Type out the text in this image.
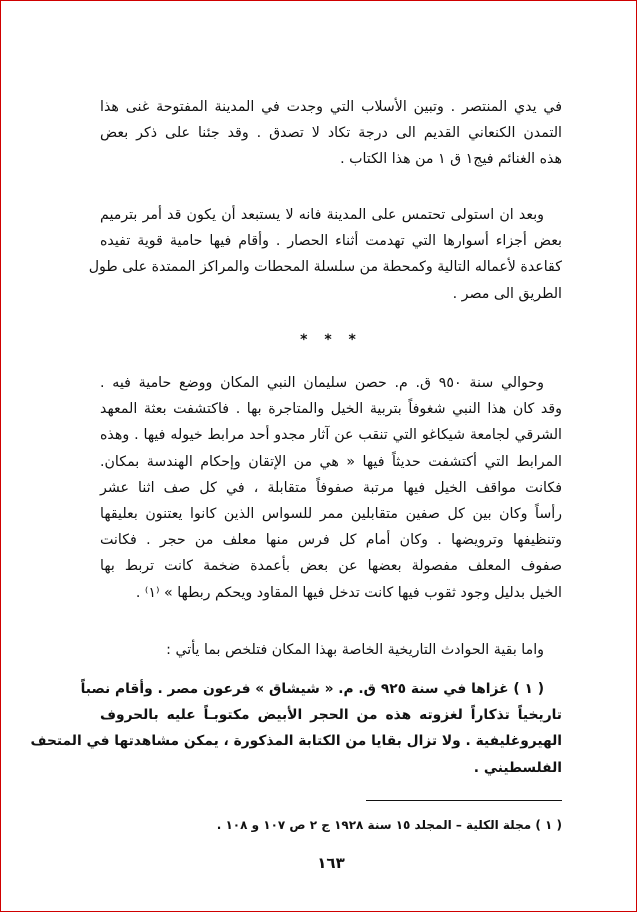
في يدي المنتصر . وتبين الأسلاب التي وجدت في المدينة المفتوحة غنى هذا
التمدن الكنعاني القديم الى درجة تكاد لا تصدق . وقد جئنا على ذكر بعض
هذه الغنائم فيج١ ق ١ من هذا الكتاب .
وبعد ان استولى تحتمس على المدينة فانه لا يستبعد أن يكون قد أمر بترميم
بعض أجزاء أسوارها التي تهدمت أثناء الحصار . وأقام فيها حامية قوية تفيده
كقاعدة لأعماله التالية وكمحطة من سلسلة المحطات والمراكز الممتدة على طول
الطريق الى مصر .
* * *
وحوالي سنة ٩٥٠ ق. م. حصن سليمان النبي المكان ووضع حامية فيه .
وقد كان هذا النبي شغوفاً بتربية الخيل والمتاجرة بها . فاكتشفت بعثة المعهد
الشرقي لجامعة شيكاغو التي تنقب عن آثار مجدو أحد مرابط خيوله فيها . وهذه
المرابط التي أكتشفت حديثاً فيها « هي من الإتقان وإحكام الهندسة بمكان.
فكانت مواقف الخيل فيها مرتبة صفوفاً متقابلة ، في كل صف اثنا عشر
رأساً وكان بين كل صفين متقابلين ممر للسواس الذين كانوا يعتنون بعليقها
وتنظيفها وترويضها . وكان أمام كل فرس منها معلف من حجر . فكانت
صفوف المعلف مفصولة بعضها عن بعض بأعمدة ضخمة كانت تربط بها
الخيل بدليل وجود ثقوب فيها كانت تدخل فيها المقاود ويحكم ربطها » ⁽١⁾ .
واما بقية الحوادث التاريخية الخاصة بهذا المكان فتلخص بما يأتي :
( ١ ) غزاها في سنة ٩٢٥ ق. م. « شيشاق » فرعون مصر . وأقام نصباً
تاريخياً تذكاراً لغزوته هذه من الحجر الأبيض مكتوبـاً عليه بالحروف
الهيروغليفية . ولا تزال بقايا من الكتابة المذكورة ، يمكن مشاهدتها في المتحف
الفلسطيني .
( ١ ) مجلة الكلية – المجلد ١٥ سنة ١٩٢٨ ج ٢ ص ١٠٧ و ١٠٨ .
١٦٣
